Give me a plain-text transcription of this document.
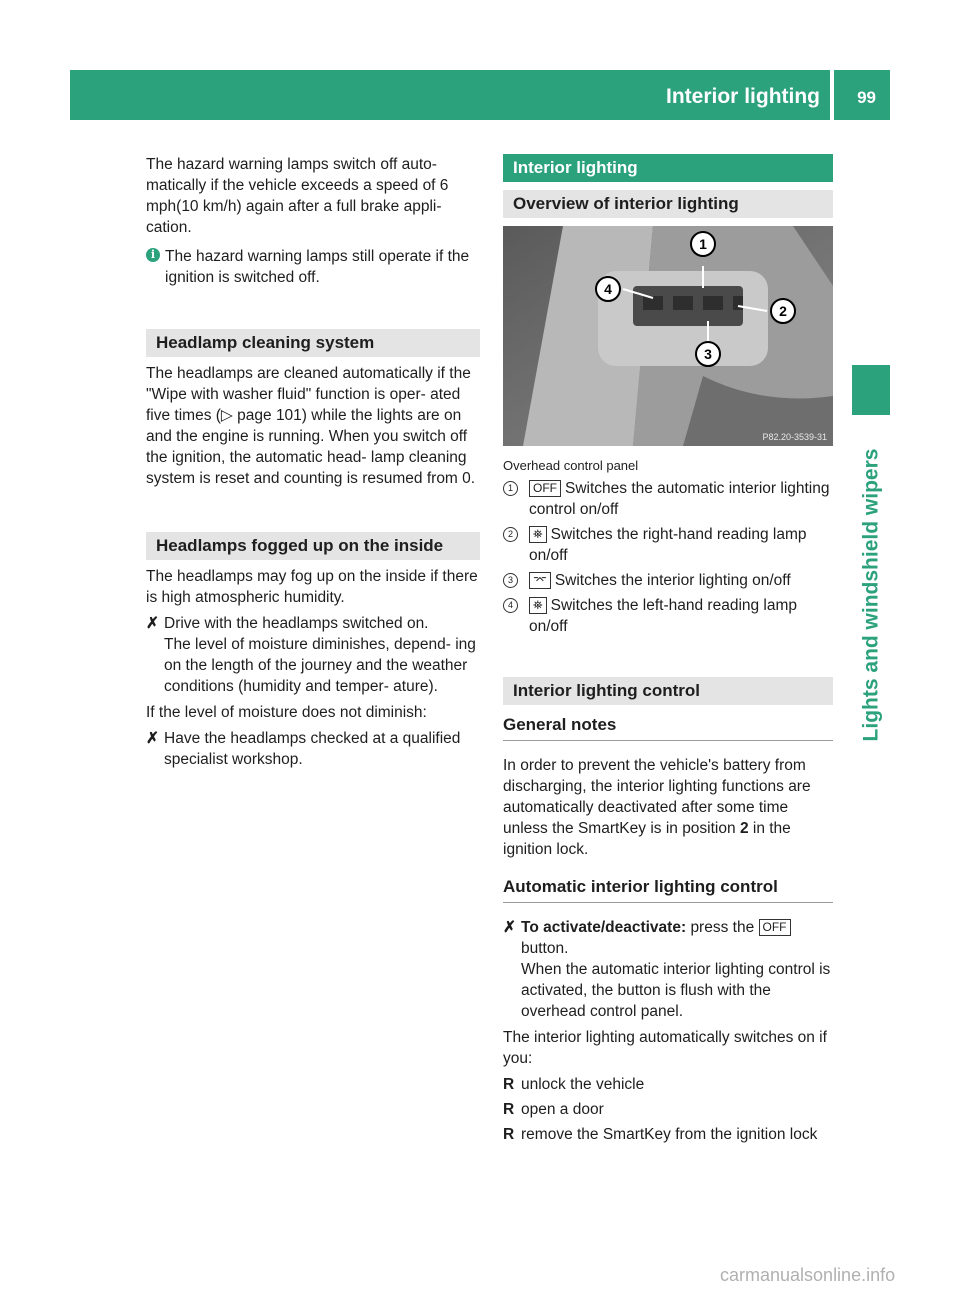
Interior lighting 99
Lights and windshield wipers

The hazard warning lamps switch off auto- matically if the vehicle exceeds a speed of 6 mph(10 km/h) again after a full brake appli- cation.

i The hazard warning lamps still operate if the ignition is switched off.
Headlamp cleaning system

The headlamps are cleaned automatically if the "Wipe with washer fluid" function is oper- ated five times (▷ page 101) while the lights are on and the engine is running. When you switch off the ignition, the automatic head- lamp cleaning system is reset and counting is resumed from 0.

Headlamps fogged up on the inside

The headlamps may fog up on the inside if there is high atmospheric humidity.

✗ Drive with the headlamps switched on.

The level of moisture diminishes, depend- ing on the length of the journey and the weather conditions (humidity and temper- ature).

If the level of moisture does not diminish:

✗ Have the headlamps checked at a qualified specialist workshop.
Interior lighting
Overview of interior lighting
1
2
3
4
P82.20-3539-31

Overhead control panel

1	OFF Switches the automatic interior lighting control on/off
2	⛯ Switches the right-hand reading lamp on/off
3	⌤ Switches the interior lighting on/off
4	⛯ Switches the left-hand reading lamp on/off
Interior lighting control
General notes

In order to prevent the vehicle's battery from discharging, the interior lighting functions are automatically deactivated after some time unless the SmartKey is in position 2 in the ignition lock.

Automatic interior lighting control
✗ To activate/deactivate: press the OFF button.

When the automatic interior lighting control is activated, the button is flush with the overhead control panel.

The interior lighting automatically switches on if you:

R unlock the vehicle
R open a door
R remove the SmartKey from the ignition lock
carmanualsonline.info
